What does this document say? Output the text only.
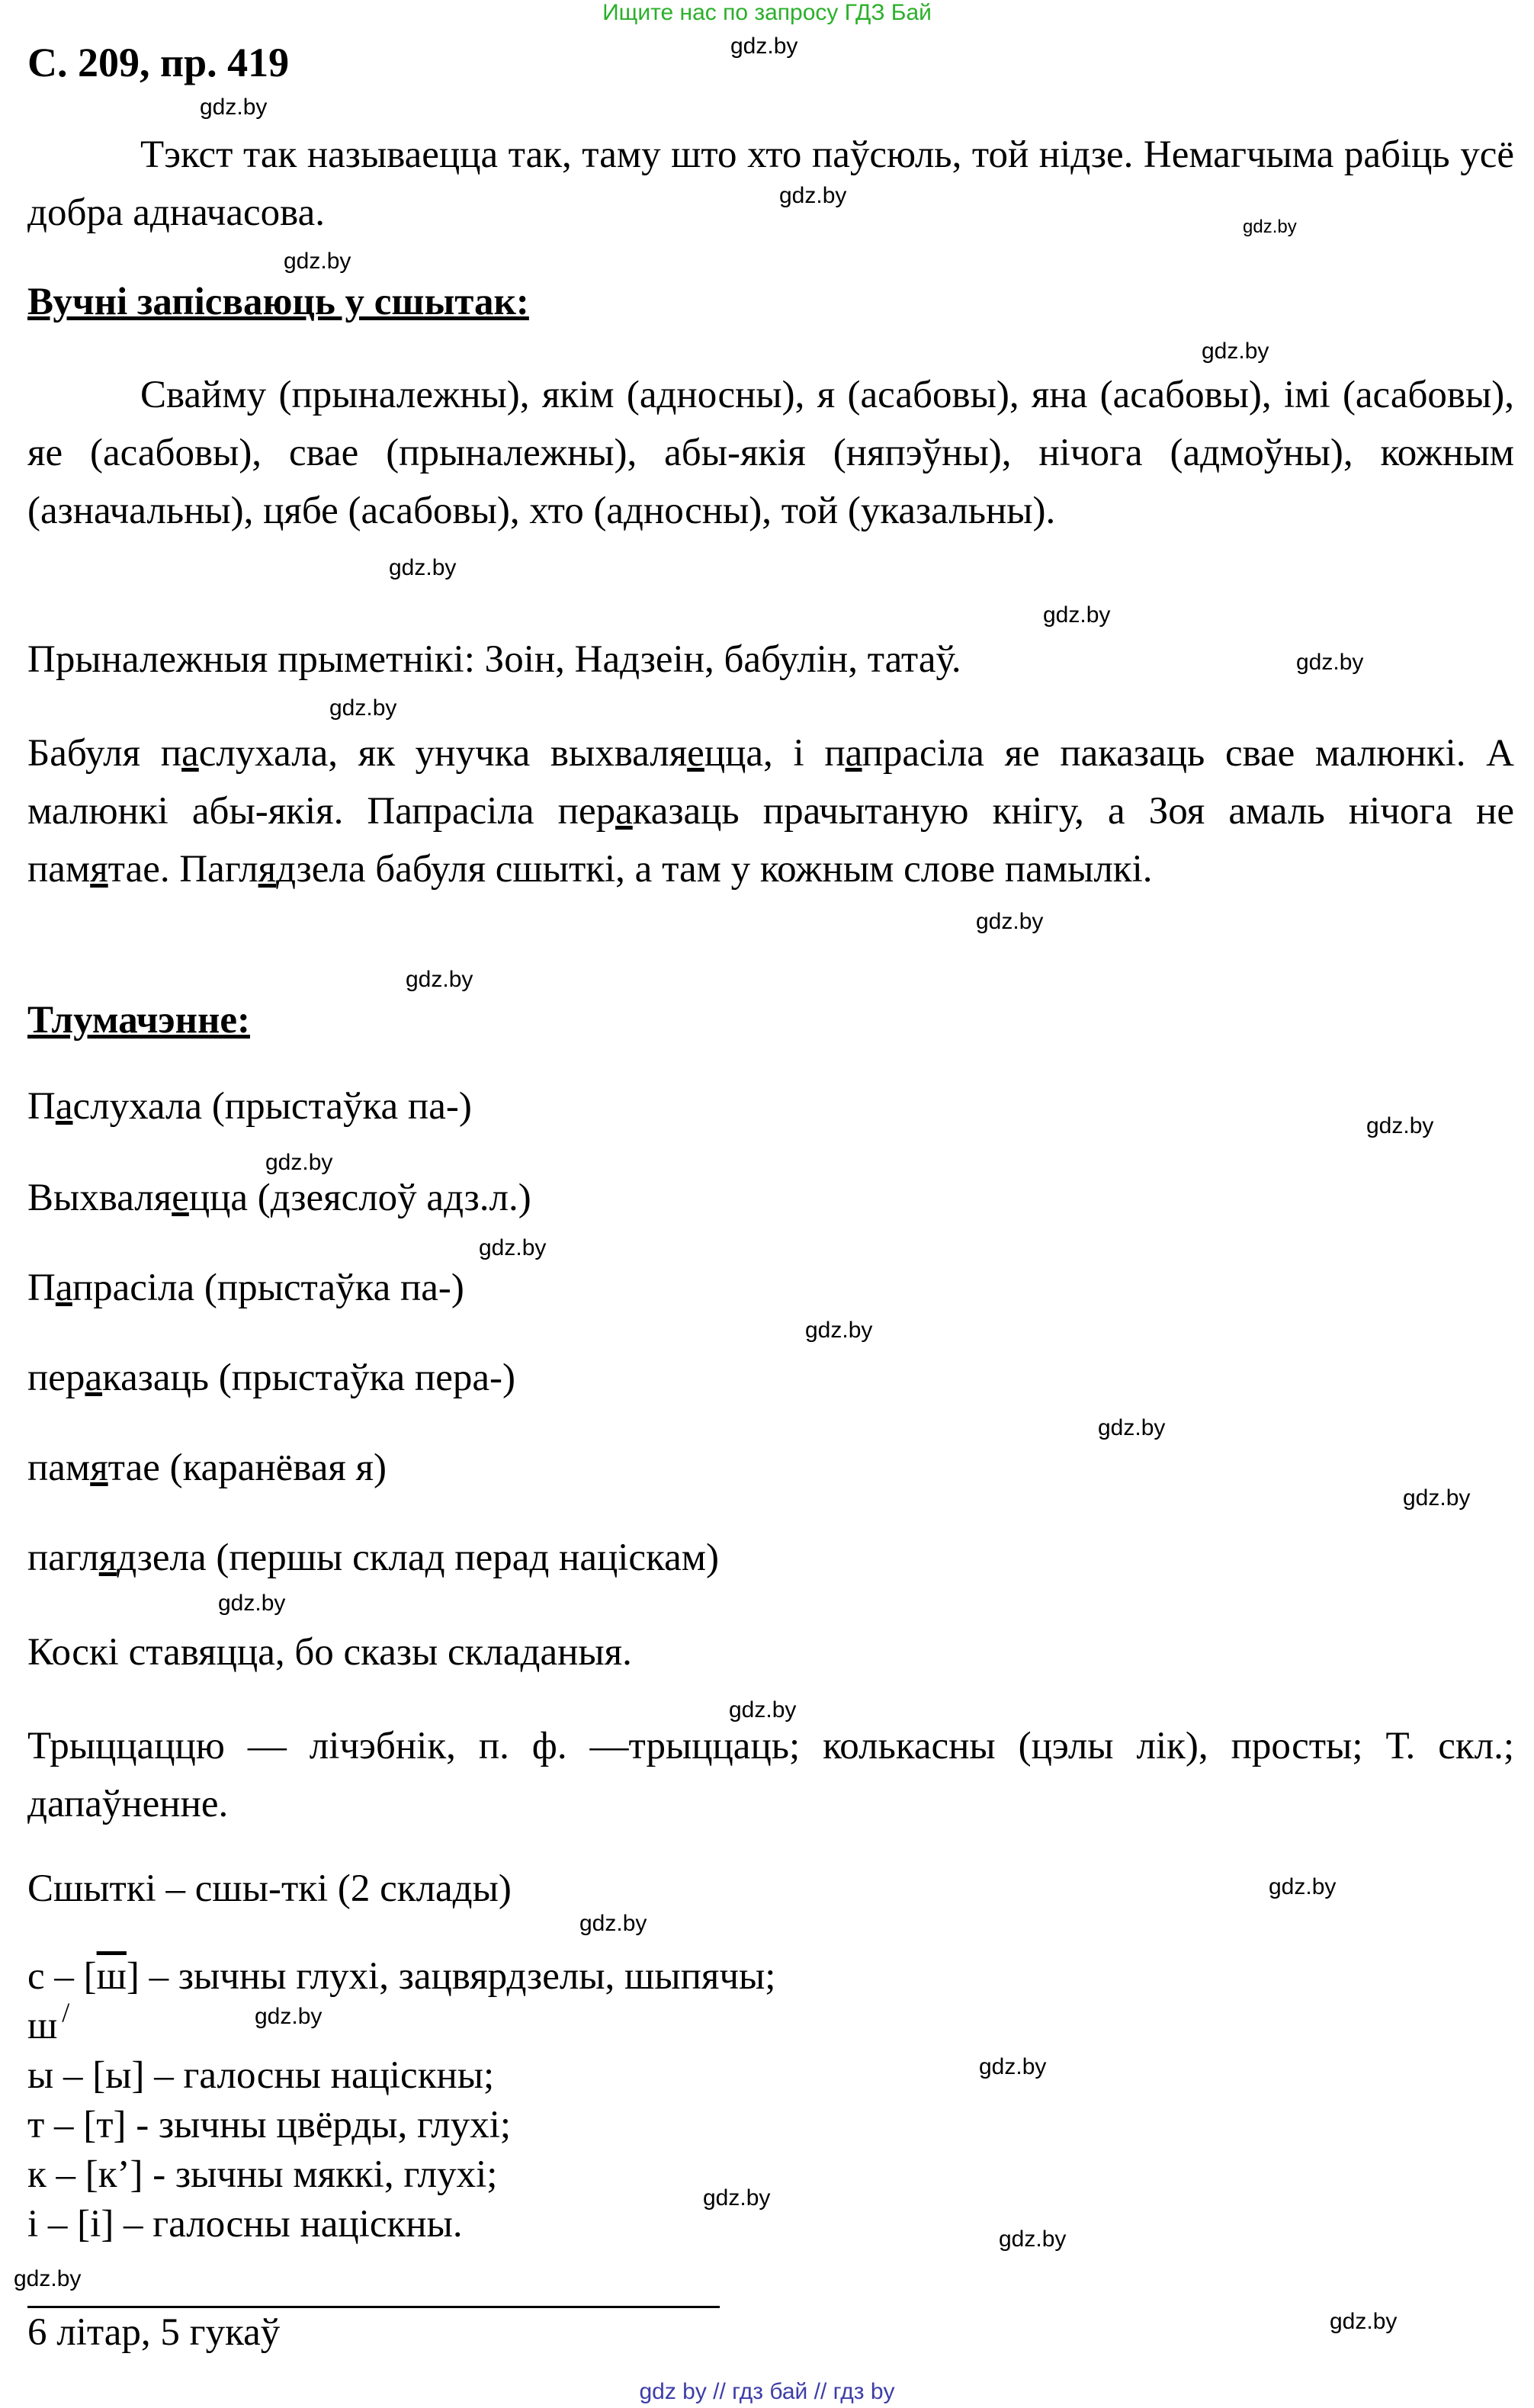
Ищите нас по запросу ГДЗ Бай
С. 209, пр. 419
Тэкст так называецца так, таму што хто паўсюль, той нідзе. Немагчыма рабіць усё добра адначасова.
Вучні запісваюць у сшытак:
Свайму (прыналежны), якім (адносны), я (асабовы), яна (асабовы), імі (асабовы), яе (асабовы), свае (прыналежны), абы-якія (няпэўны), нічога (адмоўны), кожным (азначальны), цябе (асабовы), хто (адносны), той (указальны).
Прыналежныя прыметнікі: Зоін, Надзеін, бабулін, татаў.
Бабуля паслухала, як унучка выхваляецца, і папрасіла яе паказаць свае малюнкі. А малюнкі абы-якія. Папрасіла пераказаць прачытаную кнігу, а Зоя амаль нічога не памятае. Паглядзела бабуля сшыткі, а там у кожным слове памылкі.
Тлумачэнне:
Паслухала (прыстаўка па-)
Выхваляецца (дзеяслоў адз.л.)
Папрасіла (прыстаўка па-)
пераказаць (прыстаўка пера-)
памятае (каранёвая я)
паглядзела (першы склад перад націскам)
Коскі ставяцца, бо сказы складаныя.
Трыццаццю — лічэбнік, п. ф. —трыццаць; колькасны (цэлы лік), просты; Т. скл.; дапаўненне.
Сшыткі – сшы-ткі (2 склады)
с – [ш] – зычны глухі, зацвярдзелы, шыпячы;
ш /
ы – [ы] – галосны націскны;
т – [т] - зычны цвёрды, глухі;
к – [к’] - зычны мяккі, глухі;
і – [і] – галосны націскны.
6 літар, 5 гукаў
gdz.by
gdz.by
gdz.by
gdz.by
gdz.by
gdz.by
gdz.by
gdz.by
gdz.by
gdz.by
gdz.by
gdz.by
gdz.by
gdz.by
gdz.by
gdz.by
gdz.by
gdz.by
gdz.by
gdz.by
gdz.by
gdz.by
gdz.by
gdz.by
gdz.by
gdz.by
gdz.by
gdz.by
gdz by // гдз бай // гдз by
